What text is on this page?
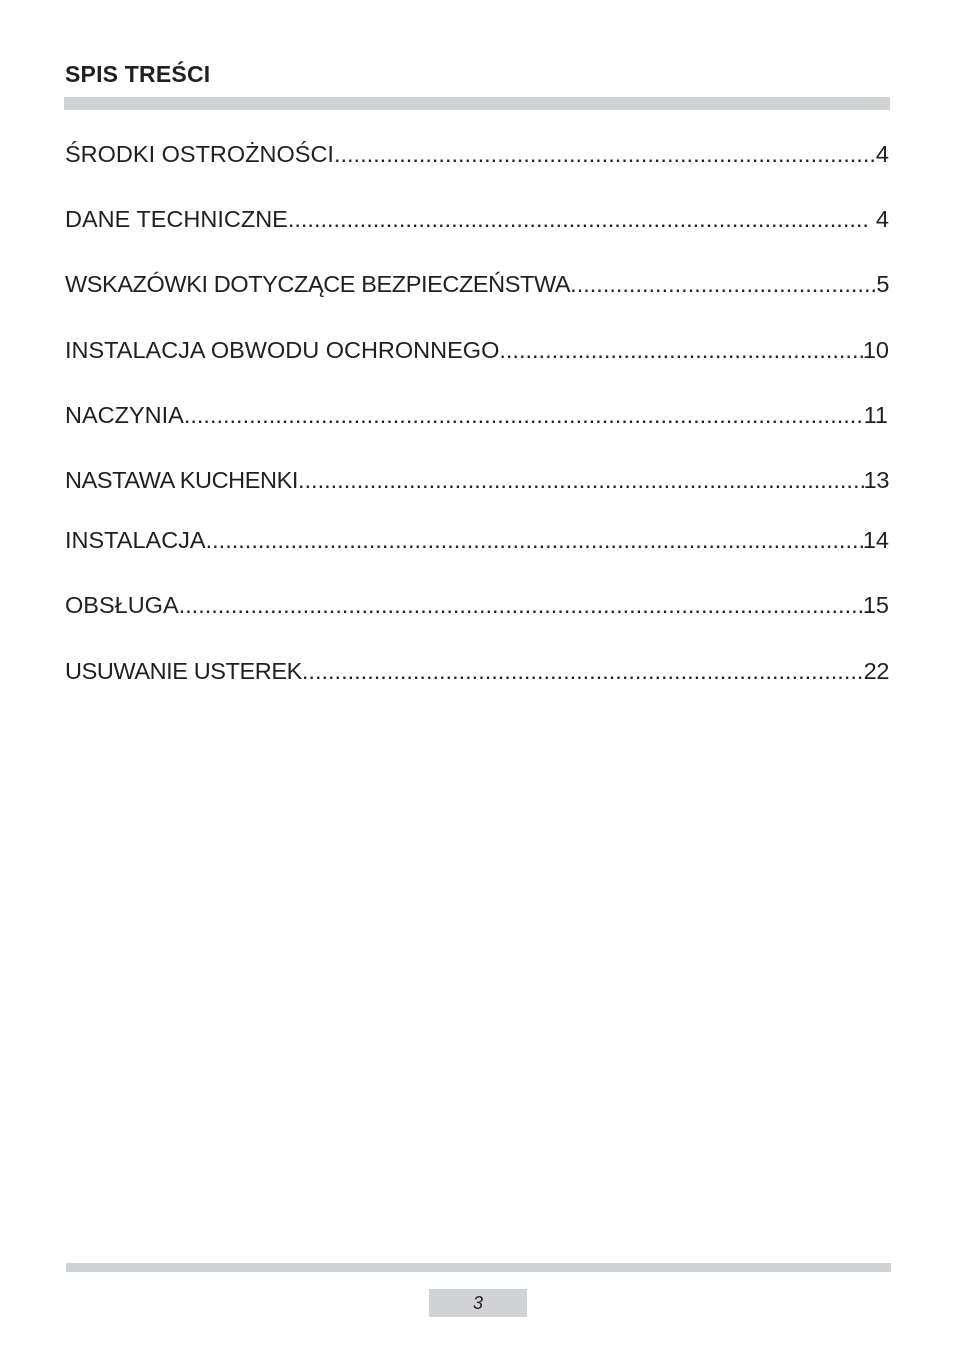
SPIS TREŚCI
ŚRODKI OSTROŻNOŚCI .....	4
DANE TECHNICZNE .....	4
WSKAZÓWKI DOTYCZĄCE BEZPIECZEŃSTWA .....	5
INSTALACJA OBWODU OCHRONNEGO .....	10
NACZYNIA .....	11
NASTAWA KUCHENKI .....	13
INSTALACJA .....	14
OBSŁUGA .....	15
USUWANIE USTEREK .....	22
3
